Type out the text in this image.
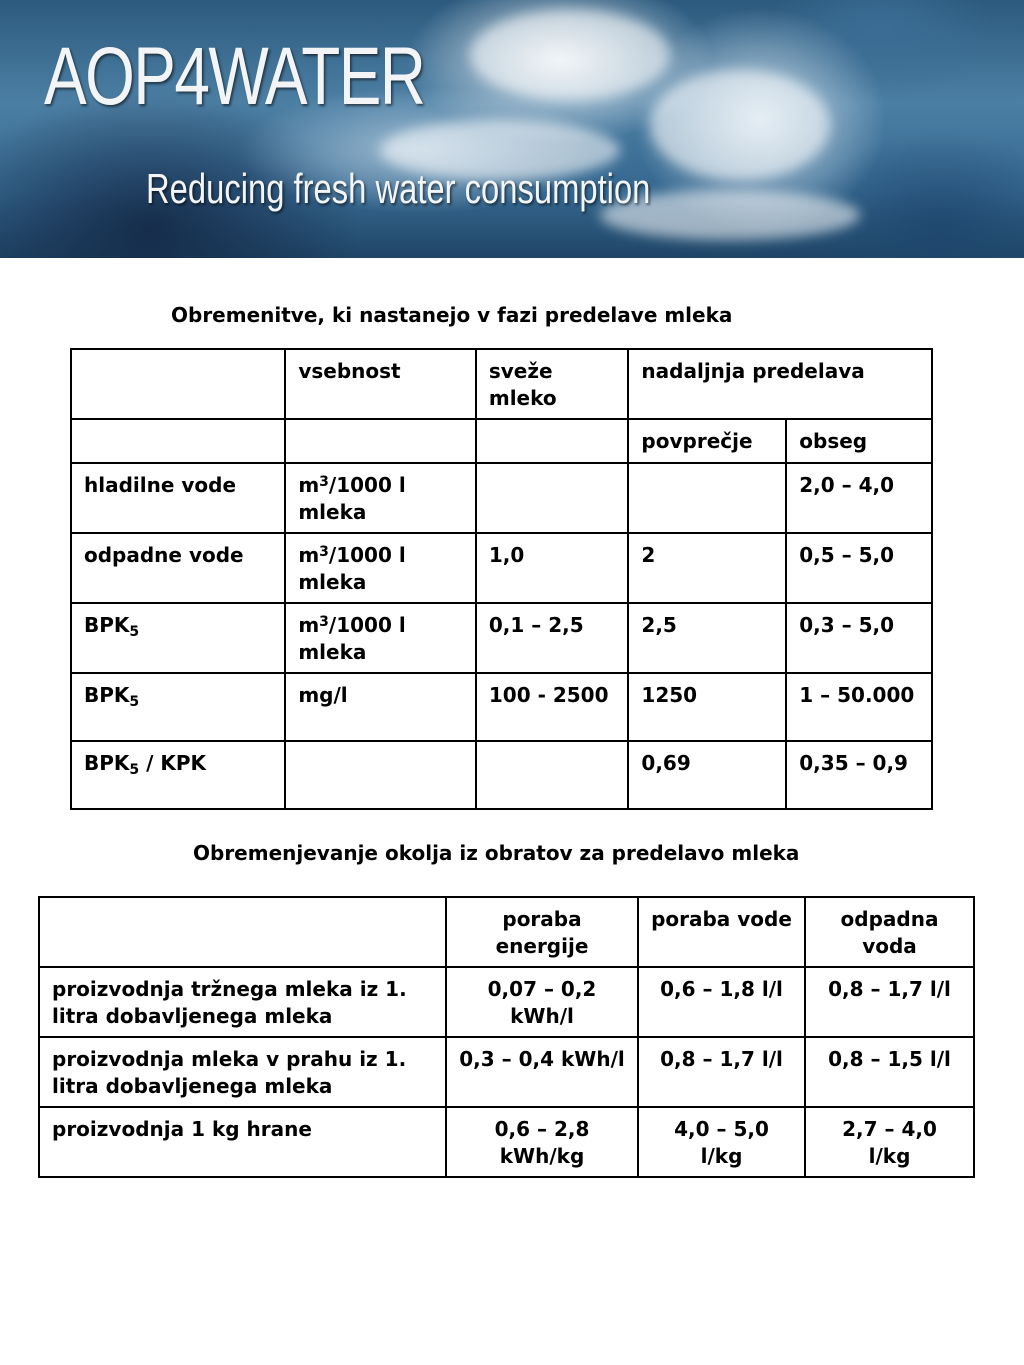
AOP4WATER
Reducing fresh water consumption
Obremenitve, ki nastanejo v fazi predelave mleka
	vsebnost	sveže mleko	nadaljnja predelava	
			povprečje	obseg
hladilne vode	$m^3/1000$ l mleka			2,0 – 4,0
odpadne vode	$m^3/1000$ l mleka	1,0	2	0,5 – 5,0
$BPK_5$	$m^3/1000$ l mleka	0,1 – 2,5	2,5	0,3 – 5,0
$BPK_5$	mg/l	100 - 2500	1250	1 – 50.000
$BPK_5$ / KPK			0,69	0,35 – 0,9
Obremenjevanje okolja iz obratov za predelavo mleka
	poraba energije	poraba vode	odpadna voda
proizvodnja tržnega mleka iz 1. litra dobavljenega mleka	0,07 – 0,2 kWh/l	0,6 – 1,8 l/l	0,8 – 1,7 l/l
proizvodnja mleka v prahu iz 1. litra dobavljenega mleka	0,3 – 0,4 kWh/l	0,8 – 1,7 l/l	0,8 – 1,5 l/l
proizvodnja 1 kg hrane	0,6 – 2,8 kWh/kg	4,0 – 5,0 l/kg	2,7 – 4,0 l/kg
